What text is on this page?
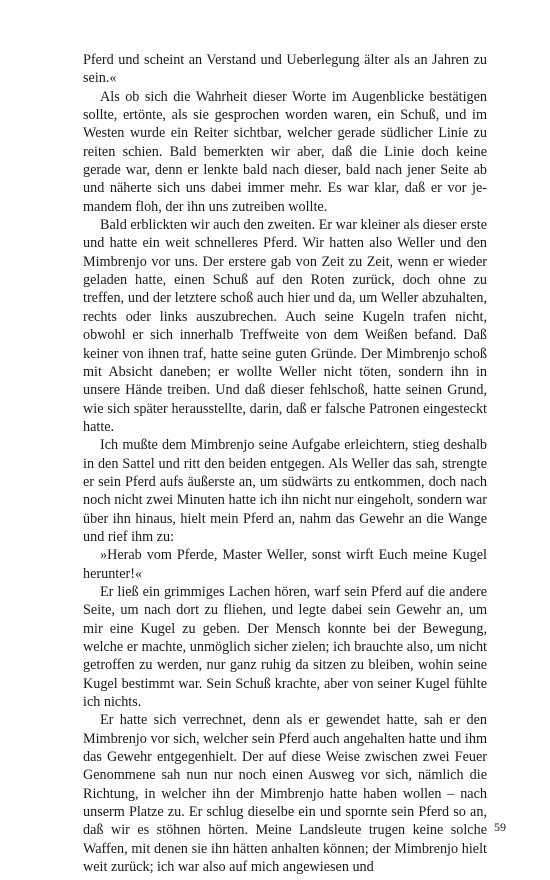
Pferd und scheint an Verstand und Ueberlegung älter als an Jahren zu sein.«

Als ob sich die Wahrheit dieser Worte im Augenblicke bestätigen sollte, ertönte, als sie gesprochen worden waren, ein Schuß, und im Westen wurde ein Reiter sichtbar, welcher gerade südlicher Linie zu reiten schien. Bald bemerkten wir aber, daß die Linie doch keine gerade war, denn er lenkte bald nach dieser, bald nach jener Seite ab und näherte sich uns dabei immer mehr. Es war klar, daß er vor jemandem floh, der ihn uns zutreiben wollte.

Bald erblickten wir auch den zweiten. Er war kleiner als dieser erste und hatte ein weit schnelleres Pferd. Wir hatten also Weller und den Mimbrenjo vor uns. Der erstere gab von Zeit zu Zeit, wenn er wieder geladen hatte, einen Schuß auf den Roten zurück, doch ohne zu treffen, und der letztere schoß auch hier und da, um Weller abzuhalten, rechts oder links auszubrechen. Auch seine Kugeln trafen nicht, obwohl er sich innerhalb Treffweite von dem Weißen befand. Daß keiner von ihnen traf, hatte seine guten Gründe. Der Mimbrenjo schoß mit Absicht daneben; er wollte Weller nicht töten, sondern ihn in unsere Hände treiben. Und daß dieser fehlschoß, hatte seinen Grund, wie sich später herausstellte, darin, daß er falsche Patronen eingesteckt hatte.

Ich mußte dem Mimbrenjo seine Aufgabe erleichtern, stieg deshalb in den Sattel und ritt den beiden entgegen. Als Weller das sah, strengte er sein Pferd aufs äußerste an, um südwärts zu entkommen, doch nach noch nicht zwei Minuten hatte ich ihn nicht nur eingeholt, sondern war über ihn hinaus, hielt mein Pferd an, nahm das Gewehr an die Wange und rief ihm zu:

»Herab vom Pferde, Master Weller, sonst wirft Euch meine Kugel herunter!«

Er ließ ein grimmiges Lachen hören, warf sein Pferd auf die andere Seite, um nach dort zu fliehen, und legte dabei sein Gewehr an, um mir eine Kugel zu geben. Der Mensch konnte bei der Bewegung, welche er machte, unmöglich sicher zielen; ich brauchte also, um nicht getroffen zu werden, nur ganz ruhig da sitzen zu bleiben, wohin seine Kugel bestimmt war. Sein Schuß krachte, aber von seiner Kugel fühlte ich nichts.

Er hatte sich verrechnet, denn als er gewendet hatte, sah er den Mimbrenjo vor sich, welcher sein Pferd auch angehalten hatte und ihm das Gewehr entgegenhielt. Der auf diese Weise zwischen zwei Feuer Genommene sah nun nur noch einen Ausweg vor sich, nämlich die Richtung, in welcher ihn der Mimbrenjo hatte haben wollen – nach unserm Platze zu. Er schlug dieselbe ein und spornte sein Pferd so an, daß wir es stöhnen hörten. Meine Landsleute trugen keine solche Waffen, mit denen sie ihn hätten anhalten können; der Mimbrenjo hielt weit zurück; ich war also auf mich angewiesen und

59
